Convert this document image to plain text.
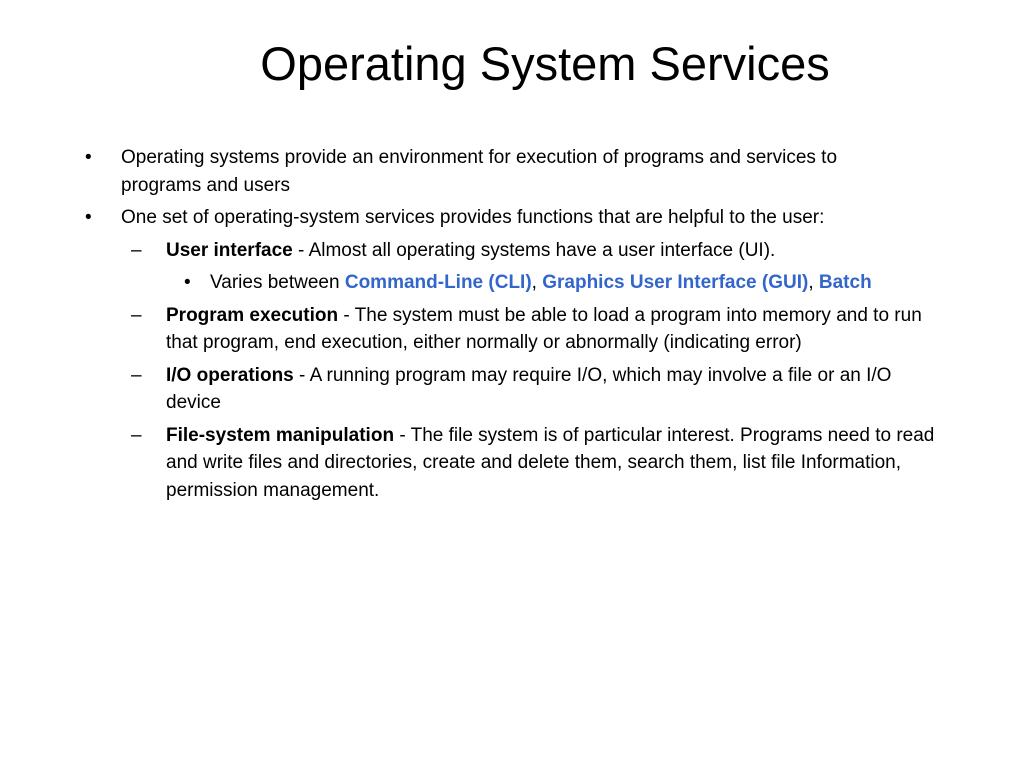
Operating System Services
• Operating systems provide an environment for execution of programs and services to programs and users
• One set of operating-system services provides functions that are helpful to the user:
– User interface - Almost all operating systems have a user interface (UI).
• Varies between Command-Line (CLI), Graphics User Interface (GUI), Batch
– Program execution - The system must be able to load a program into memory and to run that program, end execution, either normally or abnormally (indicating error)
– I/O operations - A running program may require I/O, which may involve a file or an I/O device
– File-system manipulation - The file system is of particular interest. Programs need to read and write files and directories, create and delete them, search them, list file Information, permission management.
